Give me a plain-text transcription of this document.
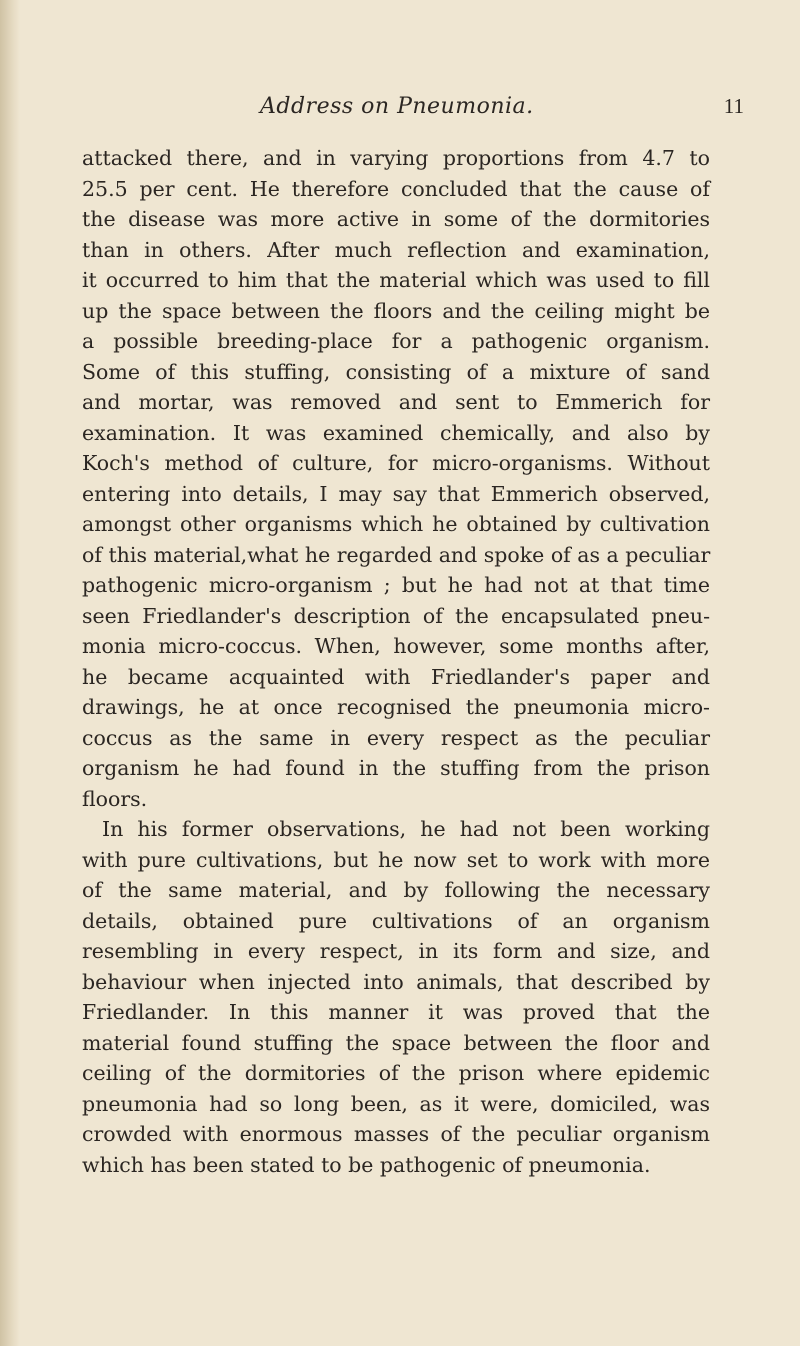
Address on Pneumonia.	11
attacked there, and in varying proportions from 4.7 to
25.5 per cent. He therefore concluded that the cause of
the disease was more active in some of the dormitories
than in others. After much reflection and examination,
it occurred to him that the material which was used to fill
up the space between the floors and the ceiling might be
a possible breeding-place for a pathogenic organism.
Some of this stuffing, consisting of a mixture of sand
and mortar, was removed and sent to Emmerich for
examination. It was examined chemically, and also by
Koch's method of culture, for micro-organisms. Without
entering into details, I may say that Emmerich observed,
amongst other organisms which he obtained by cultivation
of this material,what he regarded and spoke of as a peculiar
pathogenic micro-organism ; but he had not at that time
seen Friedlander's description of the encapsulated pneu-
monia micro-coccus. When, however, some months after,
he became acquainted with Friedlander's paper and
drawings, he at once recognised the pneumonia micro-
coccus as the same in every respect as the peculiar
organism he had found in the stuffing from the prison
floors.
In his former observations, he had not been working
with pure cultivations, but he now set to work with more
of the same material, and by following the necessary
details, obtained pure cultivations of an organism
resembling in every respect, in its form and size, and
behaviour when injected into animals, that described by
Friedlander. In this manner it was proved that the
material found stuffing the space between the floor and
ceiling of the dormitories of the prison where epidemic
pneumonia had so long been, as it were, domiciled, was
crowded with enormous masses of the peculiar organism
which has been stated to be pathogenic of pneumonia.
